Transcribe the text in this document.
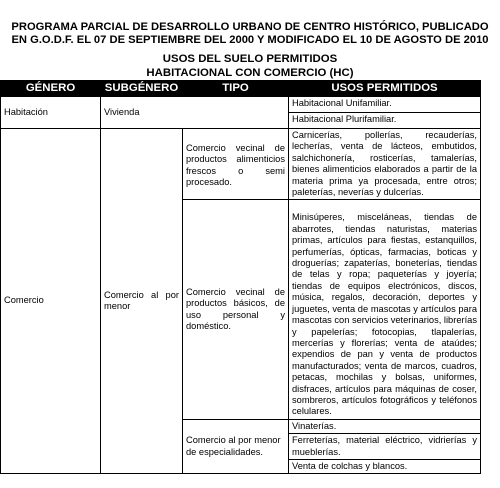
PROGRAMA PARCIAL DE DESARROLLO URBANO DE CENTRO HISTÓRICO, PUBLICADO
EN G.O.D.F. EL 07 DE SEPTIEMBRE DEL 2000 Y MODIFICADO EL 10 DE AGOSTO DE 2010
USOS DEL SUELO PERMITIDOS
HABITACIONAL CON COMERCIO (HC)
GÉNERO	SUBGÉNERO	TIPO	USOS PERMITIDOS
Habitación	Vivienda		Habitacional Unifamiliar.
			Habitacional Plurifamiliar.
Comercio	Comercio al por menor	Comercio vecinal de productos alimenticios frescos o semi procesado.	Carnicerías, pollerías, recauderías, lecherías, venta de lácteos, embutidos, salchichonería, rosticerías, tamalerías, bienes alimenticios elaborados a partir de la materia prima ya procesada, entre otros; paleterías, neverías y dulcerías.
		Comercio vecinal de productos básicos, de uso personal y doméstico.	Minisúperes, misceláneas, tiendas de abarrotes, tiendas naturistas, materias primas, artículos para fiestas, estanquillos, perfumerías, ópticas, farmacias, boticas y droguerías; zapaterías, boneterías, tiendas de telas y ropa; paqueterías y joyería; tiendas de equipos electrónicos, discos, música, regalos, decoración, deportes y juguetes, venta de mascotas y artículos para mascotas con servicios veterinarios, librerías y papelerías; fotocopias, tlapalerías, mercerías y florerías; venta de ataúdes; expendios de pan y venta de productos manufacturados; venta de marcos, cuadros, petacas, mochilas y bolsas, uniformes, disfraces, artículos para máquinas de coser, sombreros, artículos fotográficos y teléfonos celulares.
		Comercio al por menor de especialidades.	Vinaterías.
			Ferreterías, material eléctrico, vidrierías y mueblerías.
			Venta de colchas y blancos.
